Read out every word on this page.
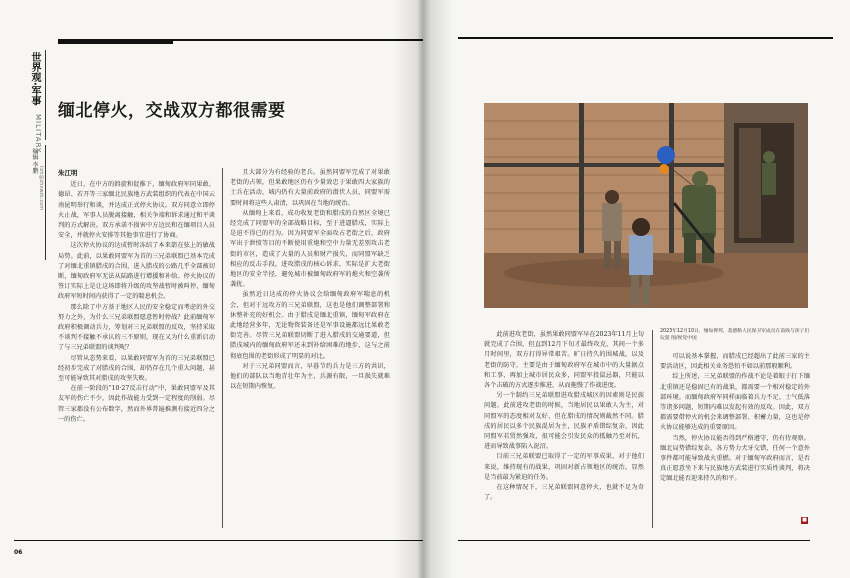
世界观·军事
MILITARY
编辑 李鹏
lizh@zhxwzk.com
缅北停火，交战双方都很需要

朱江明

近日，在中方的斡旋和促推下，缅甸政府军同果敢、德昂、若开等三家缅北民族地方武装组织的代表在中国云南昆明举行和谈，并达成正式停火协议。双方同意立即停火止战，军事人员脱离接触，相关争端和诉求通过和平谈判的方式解决。双方承诺不损害中方边民和在缅项目人员安全，并就停火安排等其他事宜进行了协商。

这次停火协议的达成暂时冻结了本来箭在弦上的敏战局势。此前，以果敢同盟军为首的三兄弟联盟已基本完成了对缅北重镇腊戌的合围，进入腊戌的公路几乎全部被切断，缅甸政府军无法从陆路进行增援和补给。停火协议的签订实际上是让这场即将升级的攻坚战暂时被叫停，缅甸政府军短时间内获得了一定的喘息机会。

那么除了中方基于地区人民的安全稳定而考虑的外交努力之外，为什么三兄弟联盟愿意暂时停战？此前缅甸军政府积极调动兵力，筹划对三兄弟联盟的反攻，坚持采取不谈判不接触不承认的三不原则，现在又为什么重新启动了与三兄弟联盟的谈判呢？

尽管从态势来看，以果敢同盟军为首的三兄弟联盟已经初步完成了对腊戌的合围，却仍存在几个重大问题，甚至可能导致其对腊戌的攻坚失败。

在前一阶段的“10·27反击行动”中，果敢同盟军及其友军的伤亡不少，因此作战能力受到一定程度的削弱。尽管三家都没有公布数字，然而外界普遍推测有接近四分之一的伤亡。

且大部分为有经验的老兵。虽然同盟军完成了对果敢老街的占领，但果敢地区仍有少量效忠于果敢四大家族的士兵在活动，城内仍有大量前政府的潜伏人员，同盟军需要时间将这些人肃清，以巩固在当地的统治。

从缅甸上来看，成功收复老街和腊戌的自然区全境已经完成了同盟军的全部战略目标，至于进逼腊戌，实际上是迫不得已的行为。因为同盟军全面攻占老街之后，政府军出于泄愤等目的不断使用重炮和空中力量无差别攻击老街的市区，造成了大量的人员和财产损失，而同盟军缺乏相应的反击手段，进攻腊戌的核心诉求，实际是扩大老街地区的安全半径，避免城市被缅甸政府军的炮火和空袭所袭扰。

虽然近日达成的停火协议会给缅甸政府军喘息的机会，但对于远攻方的三兄弟联盟，这也是他们调整部署和休整补充的好机会。由于腊戌是缅北重镇，缅甸军政府在此地经营多年，无论物资装备还是军事设施都远比果敢老街完善。尽管三兄弟联盟切断了进入腊戌的交通要道，但腊戌城内的缅甸政府军还未到补给困难的地步，这与之前彻底包围的老街形成了明显的对比。

对于三兄弟同盟而言，早暮节约兵力是三方的共识，他们的部队以当地青壮年为主，兵源有限，一旦损失就难以在短期内恢复。

06
2023年12月10日，缅甸掸邦，基德勒人民保卫军成员在前线与孩子们玩耍 图/视觉中国

此前进攻老街，虽然果敢同盟军早在2023年11月上旬就完成了合围，但直到12月下旬才最终攻克，其间一个多月时间里，双方打得异常艰苦。旷日持久的围城战，以及老街的防守，主要是由于缅甸政府军在城市中的大量据点和工事，再加上城市居民众多，同盟军投鼠忌器，只能以各个击破的方式逐步推进，从而拖慢了作战进度。

另一个制约三兄弟联盟进攻腊戌城区的因素则是民族问题。此前进攻老街的时候，当地居民以果敢人为主，对同盟军的态度相对友好，但在腊戌的情况则截然不同。腊戌的居民以多个民族混居为主，民族矛盾错综复杂，因此同盟军若贸然强攻，很可能会引发民众的抵触乃至对抗，进而导致战事陷入泥沼。

目前三兄弟联盟已取得了一定的军事成果，对于他们来说，维持现有的战果，巩固对新占领地区的统治，显然是当前最为紧迫的任务。

在这种情况下，三兄弟联盟同意停火，也就不足为奇了。

可以说基本掌握，而腊戌已经超出了此前三家的主要活动区，因此相关业务恐怕不如以前那般顺利。

综上所述，三兄弟联盟的作战不论是着眼于打下缅北重镇还是稳固已有的战果，都需要一个相对稳定的外部环境。而缅甸政府军同样面临着兵力不足、士气低落等诸多问题，短期内难以发起有效的反攻。因此，双方都需要借停火的机会来调整部署、积蓄力量，这也是停火协议能够达成的重要原因。

当然，停火协议能否得到严格遵守，仍有待观察。缅北局势错综复杂，各方势力犬牙交错，任何一个意外事件都可能导致战火重燃。对于缅甸军政府而言，是否真正愿意坐下来与民族地方武装进行实质性谈判，将决定缅北能否迎来持久的和平。

■
